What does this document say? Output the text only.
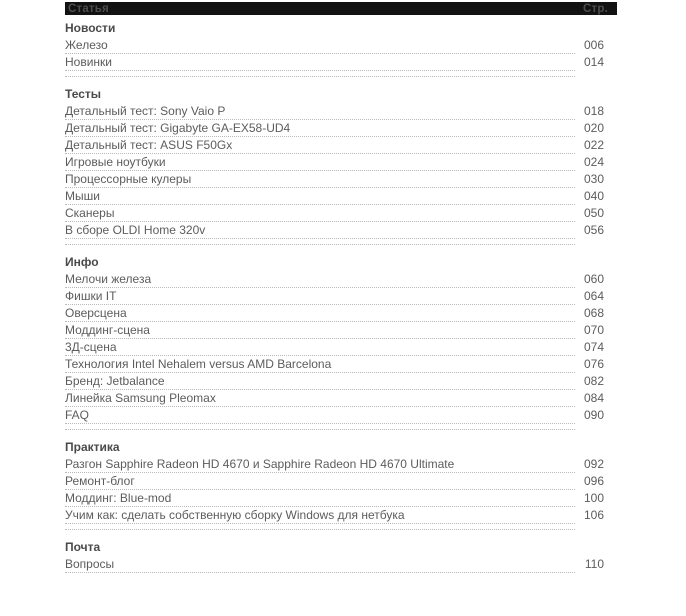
Статья	Стр.
Новости
Железо	006
Новинки	014
Тесты
Детальный тест: Sony Vaio P	018
Детальный тест: Gigabyte GA-EX58-UD4	020
Детальный тест: ASUS F50Gx	022
Игровые ноутбуки	024
Процессорные кулеры	030
Мыши	040
Сканеры	050
В сборе OLDI Home 320v	056
Инфо
Мелочи железа	060
Фишки IT	064
Оверсцена	068
Моддинг-сцена	070
3Д-сцена	074
Технология Intel Nehalem versus AMD Barcelona	076
Бренд: Jetbalance	082
Линейка Samsung Pleomax	084
FAQ	090
Практика
Разгон Sapphire Radeon HD 4670 и Sapphire Radeon HD 4670 Ultimate	092
Ремонт-блог	096
Моддинг: Blue-mod	100
Учим как: сделать собственную сборку Windows для нетбука	106
Почта
Вопросы	110
